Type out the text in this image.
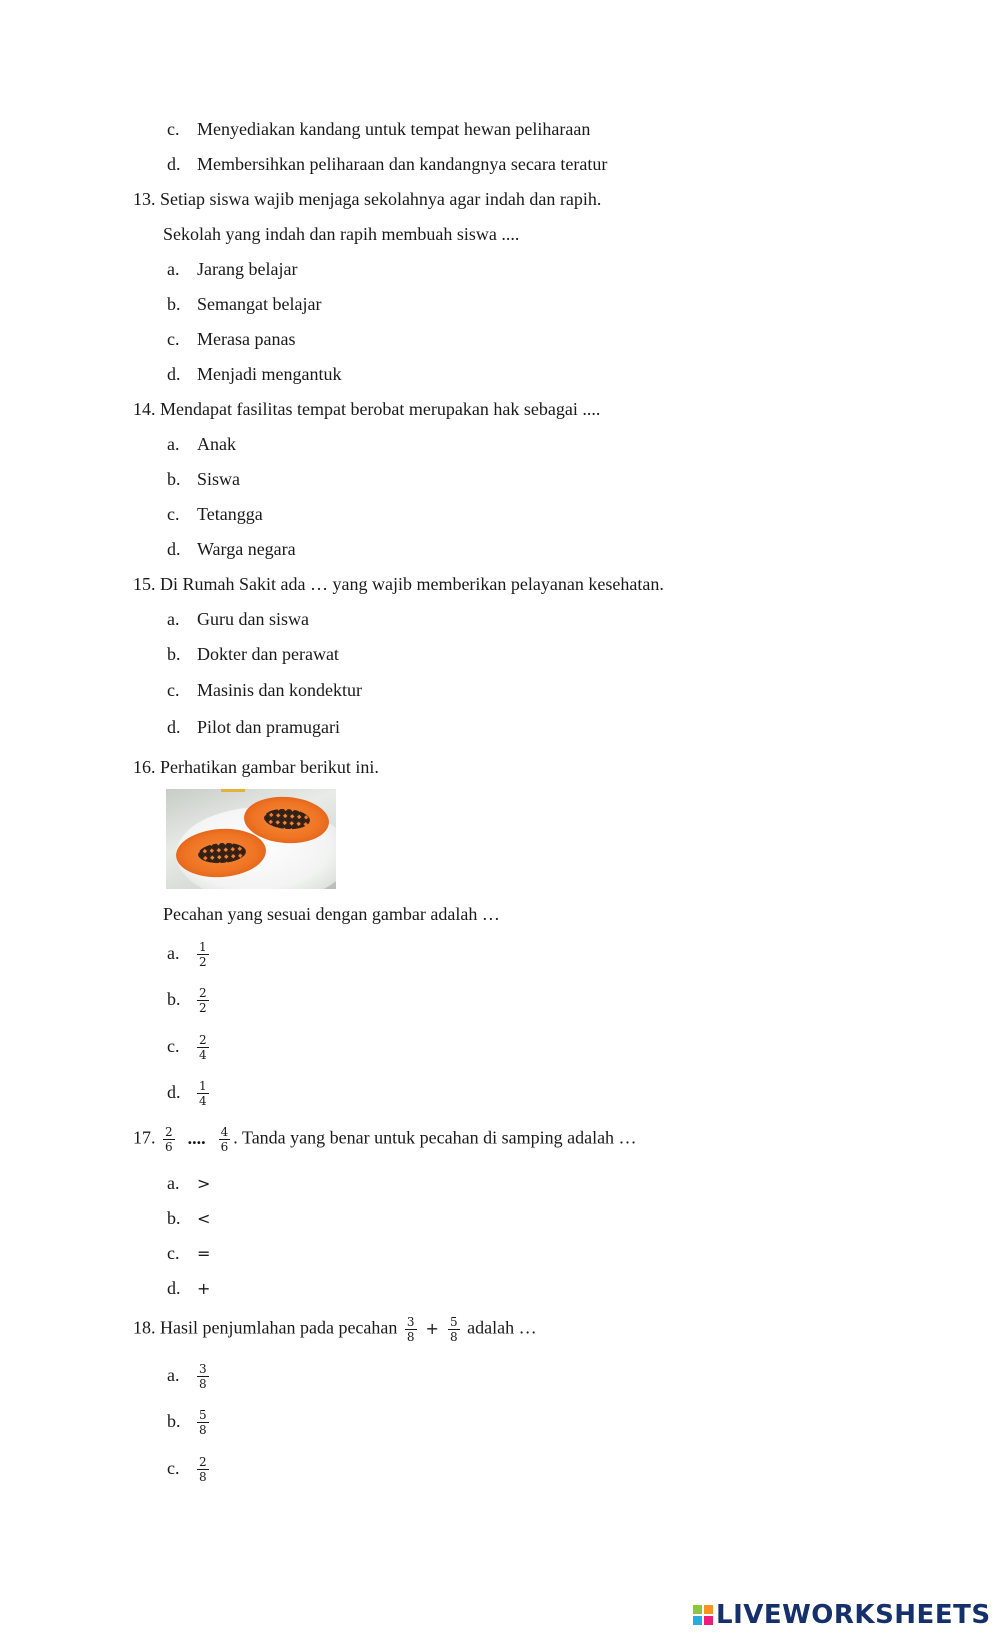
c. Menyediakan kandang untuk tempat hewan peliharaan
d. Membersihkan peliharaan dan kandangnya secara teratur
13. Setiap siswa wajib menjaga sekolahnya agar indah dan rapih.
Sekolah yang indah dan rapih membuah siswa ....
a. Jarang belajar
b. Semangat belajar
c. Merasa panas
d. Menjadi mengantuk
14. Mendapat fasilitas tempat berobat merupakan hak sebagai ....
a. Anak
b. Siswa
c. Tetangga
d. Warga negara
15. Di Rumah Sakit ada … yang wajib memberikan pelayanan kesehatan.
a. Guru dan siswa
b. Dokter dan perawat
c. Masinis dan kondektur
d. Pilot dan pramugari
16. Perhatikan gambar berikut ini.
Pecahan yang sesuai dengan gambar adalah …
a. $\frac{1}{2}$
b. $\frac{2}{2}$
c. $\frac{2}{4}$
d. $\frac{1}{4}$
17. $\frac{2}{6}$ .... $\frac{4}{6}$ . Tanda yang benar untuk pecahan di samping adalah …
a. >
b. <
c. =
d. +
18. Hasil penjumlahan pada pecahan $\frac{3}{8} + \frac{5}{8}$ adalah …
a. $\frac{3}{8}$
b. $\frac{5}{8}$
c. $\frac{2}{8}$
LIVEWORKSHEETS
